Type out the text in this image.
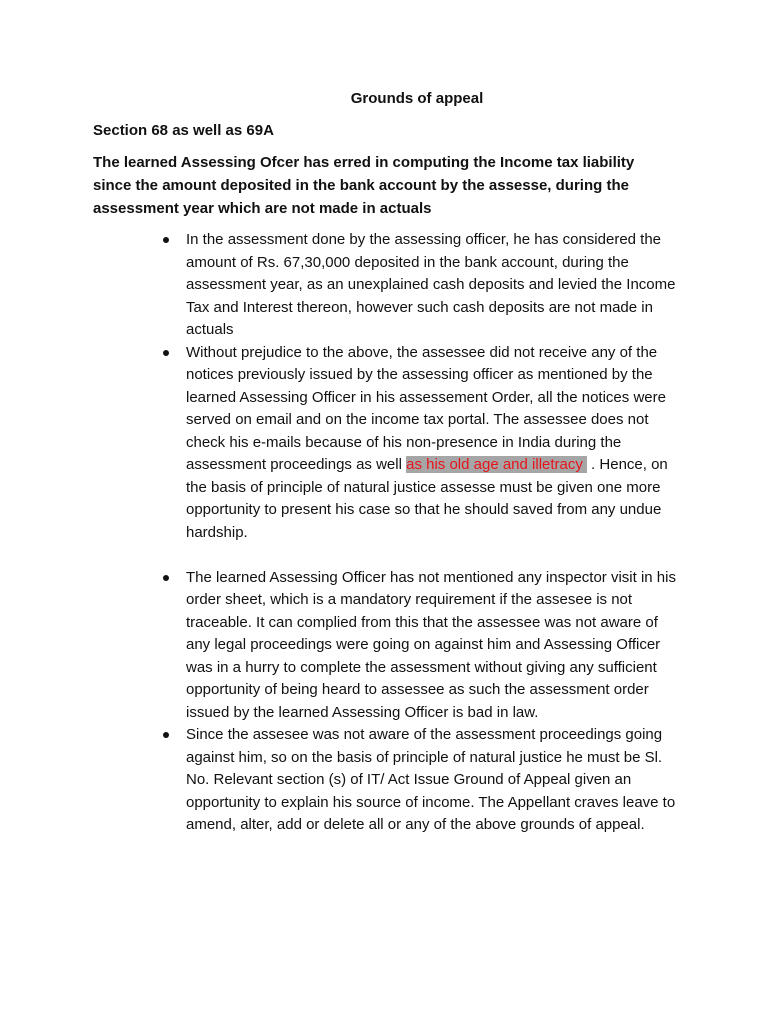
Grounds of appeal

Section 68 as well as 69A

The learned Assessing Ofcer has erred in computing the Income tax liability since the amount deposited in the bank account by the assesse, during the assessment year which are not made in actuals

In the assessment done by the assessing officer, he has considered the amount of Rs. 67,30,000 deposited in the bank account, during the assessment year, as an unexplained cash deposits and levied the Income Tax and Interest thereon, however such cash deposits are not made in actuals
Without prejudice to the above, the assessee did not receive any of the notices previously issued by the assessing officer as mentioned by the learned Assessing Officer in his assessement Order, all the notices were served on email and on the income tax portal. The assessee does not check his e-mails because of his non-presence in India during the assessment proceedings as well as his old age and illetracy . Hence, on the basis of principle of natural justice assesse must be given one more opportunity to present his case so that he should saved from any undue hardship.
The learned Assessing Officer has not mentioned any inspector visit in his order sheet, which is a mandatory requirement if the assesee is not traceable. It can complied from this that the assessee was not aware of any legal proceedings were going on against him and Assessing Officer was in a hurry to complete the assessment without giving any sufficient opportunity of being heard to assessee as such the assessment order issued by the learned Assessing Officer is bad in law.
Since the assesee was not aware of the assessment proceedings going against him, so on the basis of principle of natural justice he must be Sl. No. Relevant section (s) of IT/ Act Issue Ground of Appeal given an opportunity to explain his source of income. The Appellant craves leave to amend, alter, add or delete all or any of the above grounds of appeal.
